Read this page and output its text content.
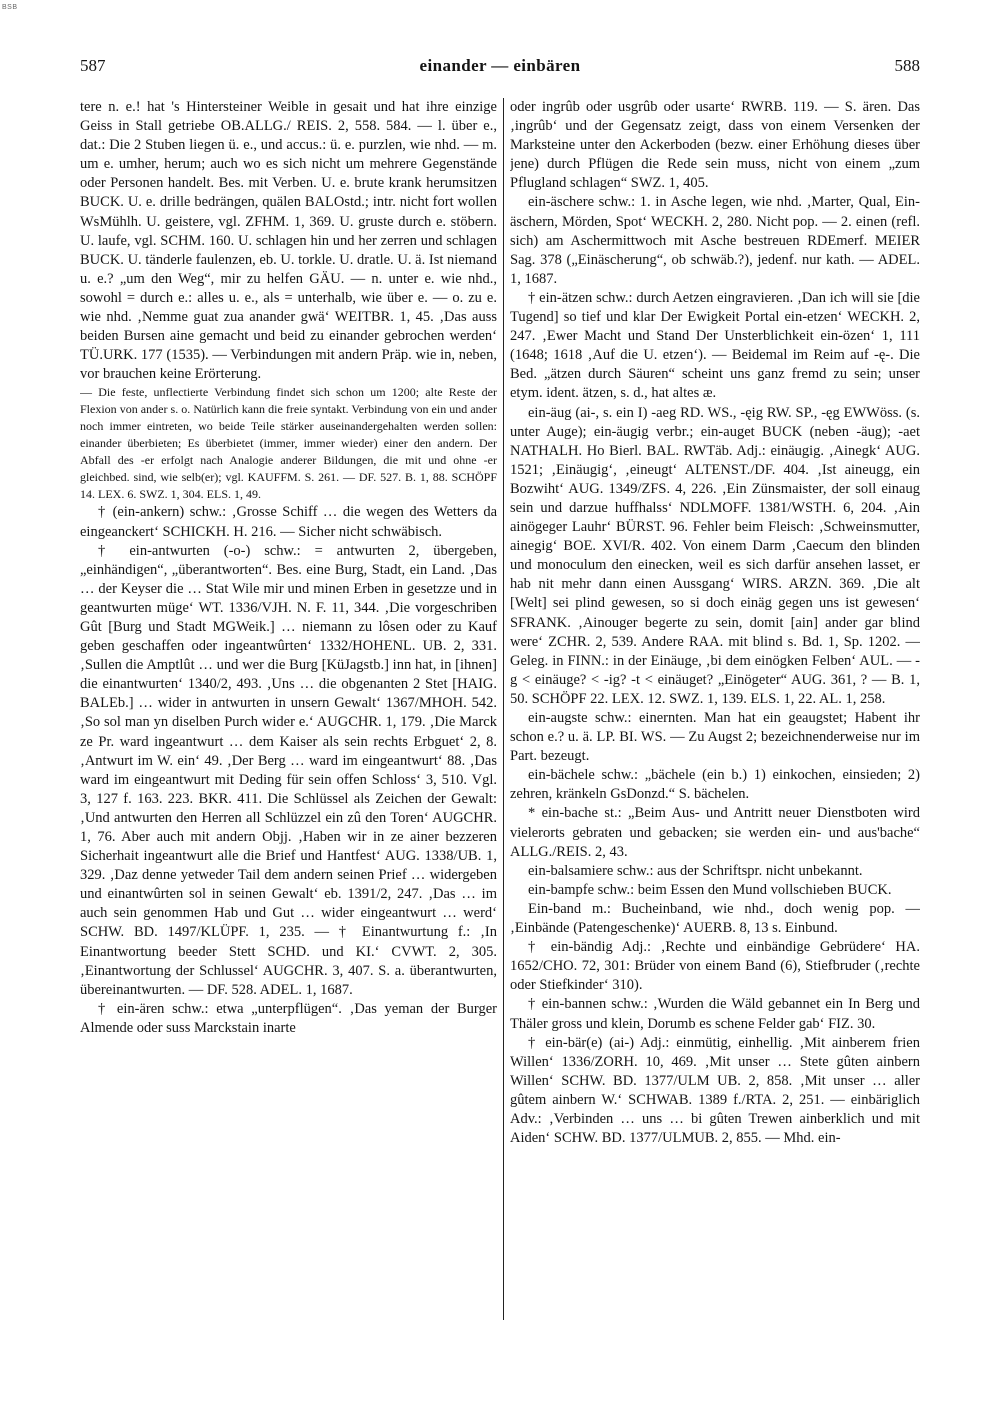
BSB
587	einander — einbären	588

tere n. e.! hat 's Hintersteiner Weible in gesait und hat ihre einzige Geiss in Stall getriebe OB.ALLG./ REIS. 2, 558. 584. — l. über e., dat.: Die 2 Stuben liegen ü. e., und accus.: ü. e. purzlen, wie nhd. — m. um e. umher, herum; auch wo es sich nicht um mehrere Gegenstände oder Personen handelt. Bes. mit Verben. U. e. brute krank herumsitzen BUCK. U. e. drille bedrängen, quälen BALOstd.; intr. nicht fort wollen WsMühlh. U. geistere, vgl. ZFHM. 1, 369. U. gruste durch e. stöbern. U. laufe, vgl. SCHM. 160. U. schlagen hin und her zerren und schlagen BUCK. U. tänderle faulenzen, eb. U. torkle. U. dratle. U. ä. Ist niemand u. e.? „um den Weg“, mir zu helfen GÄU. — n. unter e. wie nhd., sowohl = durch e.: alles u. e., als = unterhalb, wie über e. — o. zu e. wie nhd. ‚Nemme guat zua anander gwä‘ WEITBR. 1, 45. ‚Das auss beiden Bursen aine gemacht und beid zu einander gebrochen werden‘ TÜ.URK. 177 (1535). — Verbindungen mit andern Präp. wie in, neben, vor brauchen keine Erörterung.

— Die feste, unflectierte Verbindung findet sich schon um 1200; alte Reste der Flexion von ander s. o. Natürlich kann die freie syntakt. Verbindung von ein und ander noch immer eintreten, wo beide Teile stärker auseinandergehalten werden sollen: einander überbieten; Es überbietet (immer, immer wieder) einer den andern. Der Abfall des -er erfolgt nach Analogie anderer Bildungen, die mit und ohne -er gleichbed. sind, wie selb(er); vgl. KAUFFM. S. 261. — DF. 527. B. 1, 88. SCHÖPF 14. LEX. 6. SWZ. 1, 304. ELS. 1, 49.

† (ein-ankern) schw.: ‚Grosse Schiff … die wegen des Wetters da eingeanckert‘ SCHICKH. H. 216. — Sicher nicht schwäbisch.

† ein-antwurten (-o-) schw.: = antwurten 2, übergeben, „einhändigen“, „überantworten“. Bes. eine Burg, Stadt, ein Land. ‚Das … der Keyser die … Stat Wile mir und minen Erben in gesetzze und in geantwurten müge‘ WT. 1336/VJH. N. F. 11, 344. ‚Die vorgeschriben Gût [Burg und Stadt MGWeik.] … niemann zu lôsen oder zu Kauf geben geschaffen oder ingeantwûrten‘ 1332/HOHENL. UB. 2, 331. ‚Sullen die Amptlût … und wer die Burg [KüJagstb.] inn hat, in [ihnen] die einantwurten‘ 1340/2, 493. ‚Uns … die obgenanten 2 Stet [HAIG. BALEb.] … wider in antwurten in unsern Gewalt‘ 1367/MHOH. 542. ‚So sol man yn diselben Purch wider e.‘ AUGCHR. 1, 179. ‚Die Marck ze Pr. ward ingeantwurt … dem Kaiser als sein rechts Erbguet‘ 2, 8. ‚Antwurt im W. ein‘ 49. ‚Der Berg … ward im eingeantwurt‘ 88. ‚Das ward im eingeantwurt mit Deding für sein offen Schloss‘ 3, 510. Vgl. 3, 127 f. 163. 223. BKR. 411. Die Schlüssel als Zeichen der Gewalt: ‚Und antwurten den Herren all Schlüzzel ein zû den Toren‘ AUGCHR. 1, 76. Aber auch mit andern Objj. ‚Haben wir in ze ainer bezzeren Sicherhait ingeantwurt alle die Brief und Hantfest‘ AUG. 1338/UB. 1, 329. ‚Daz denne yetweder Tail dem andern seinen Prief … widergeben und einantwûrten sol in seinen Gewalt‘ eb. 1391/2, 247. ‚Das … im auch sein genommen Hab und Gut … wider eingeantwurt … werd‘ SCHW. BD. 1497/KLÜPF. 1, 235. — † Einantwurtung f.: ‚In Einantwortung beeder Stett SCHD. und KI.‘ CVWT. 2, 305. ‚Einantwortung der Schlussel‘ AUGCHR. 3, 407. S. a. überantwurten, übereinantwurten. — DF. 528. ADEL. 1, 1687.

† ein-ären schw.: etwa „unterpflügen“. ‚Das yeman der Burger Almende oder suss Marckstain inarte

oder ingrûb oder usgrûb oder usarte‘ RWRB. 119. — S. ären. Das ‚ingrûb‘ und der Gegensatz zeigt, dass von einem Versenken der Marksteine unter den Ackerboden (bezw. einer Erhöhung dieses über jene) durch Pflügen die Rede sein muss, nicht von einem „zum Pflugland schlagen“ SWZ. 1, 405.

ein-äschere schw.: 1. in Asche legen, wie nhd. ‚Marter, Qual, Ein-äschern, Mörden, Spot‘ WECKH. 2, 280. Nicht pop. — 2. einen (refl. sich) am Aschermittwoch mit Asche bestreuen RDEmerf. MEIER Sag. 378 („Einäscherung“, ob schwäb.?), jedenf. nur kath. — ADEL. 1, 1687.

† ein-ätzen schw.: durch Aetzen eingravieren. ‚Dan ich will sie [die Tugend] so tief und klar Der Ewigkeit Portal ein-etzen‘ WECKH. 2, 247. ‚Ewer Macht und Stand Der Unsterblichkeit ein-özen‘ 1, 111 (1648; 1618 ‚Auf die U. etzen‘). — Beidemal im Reim auf -ę-. Die Bed. „ätzen durch Säuren“ scheint uns ganz fremd zu sein; unser etym. ident. ätzen, s. d., hat altes æ.

ein-äug (ai-, s. ein I) -aeg RD. WS., -ęig RW. SP., -ęg EWWöss. (s. unter Auge); ein-äugig verbr.; ein-auget BUCK (neben -äug); -aet NATHALH. Ho Bierl. BAL. RWTäb. Adj.: einäugig. ‚Ainegk‘ AUG. 1521; ‚Einäugig‘, ‚eineugt‘ ALTENST./DF. 404. ‚Ist aineugg, ein Bozwiht‘ AUG. 1349/ZFS. 4, 226. ‚Ein Zünsmaister, der soll einaug sein und darzue huffhalss‘ NDLMOFF. 1381/WSTH. 6, 204. ‚Ain ainögeger Lauhr‘ BÜRST. 96. Fehler beim Fleisch: ‚Schweinsmutter, ainegig‘ BOE. XVI/R. 402. Von einem Darm ‚Caecum den blinden und monoculum den einecken, weil es sich darfür ansehen lasset, er hab nit mehr dann einen Aussgang‘ WIRS. ARZN. 369. ‚Die alt [Welt] sei plind gewesen, so si doch einäg gegen uns ist gewesen‘ SFRANK. ‚Ainouger begerte zu sein, domit [ain] ander gar blind were‘ ZCHR. 2, 539. Andere RAA. mit blind s. Bd. 1, Sp. 1202. — Geleg. in FINN.: in der Einäuge, ‚bi dem einögken Felben‘ AUL. — -g < einäuge? < -ig? -t < einäuget? „Einögeter“ AUG. 361, ? — B. 1, 50. SCHÖPF 22. LEX. 12. SWZ. 1, 139. ELS. 1, 22. AL. 1, 258.

ein-augste schw.: einernten. Man hat ein geaugstet; Habent ihr schon e.? u. ä. LP. BI. WS. — Zu Augst 2; bezeichnenderweise nur im Part. bezeugt.

ein-bächele schw.: „bächele (ein b.) 1) einkochen, einsieden; 2) zehren, kränkeln GsDonzd.“ S. bächelen.

* ein-bache st.: „Beim Aus- und Antritt neuer Dienstboten wird vielerorts gebraten und gebacken; sie werden ein- und aus'bache“ ALLG./REIS. 2, 43.

ein-balsamiere schw.: aus der Schriftspr. nicht unbekannt.

ein-bampfe schw.: beim Essen den Mund vollschieben BUCK.

Ein-band m.: Bucheinband, wie nhd., doch wenig pop. — ‚Einbände (Patengeschenke)‘ AUERB. 8, 13 s. Einbund.

† ein-bändig Adj.: ‚Rechte und einbändige Gebrüdere‘ HA. 1652/CHO. 72, 301: Brüder von einem Band (6), Stiefbruder (‚rechte oder Stiefkinder‘ 310).

† ein-bannen schw.: ‚Wurden die Wäld gebannet ein In Berg und Thäler gross und klein, Dorumb es schene Felder gab‘ FIZ. 30.

† ein-bär(e) (ai-) Adj.: einmütig, einhellig. ‚Mit ainberem frien Willen‘ 1336/ZORH. 10, 469. ‚Mit unser … Stete gûten ainbern Willen‘ SCHW. BD. 1377/ULM UB. 2, 858. ‚Mit unser … aller gûtem ainbern W.‘ SCHWAB. 1389 f./RTA. 2, 251. — einbäriglich Adv.: ‚Verbinden … uns … bi gûten Trewen ainberklich und mit Aiden‘ SCHW. BD. 1377/ULMUB. 2, 855. — Mhd. ein-
